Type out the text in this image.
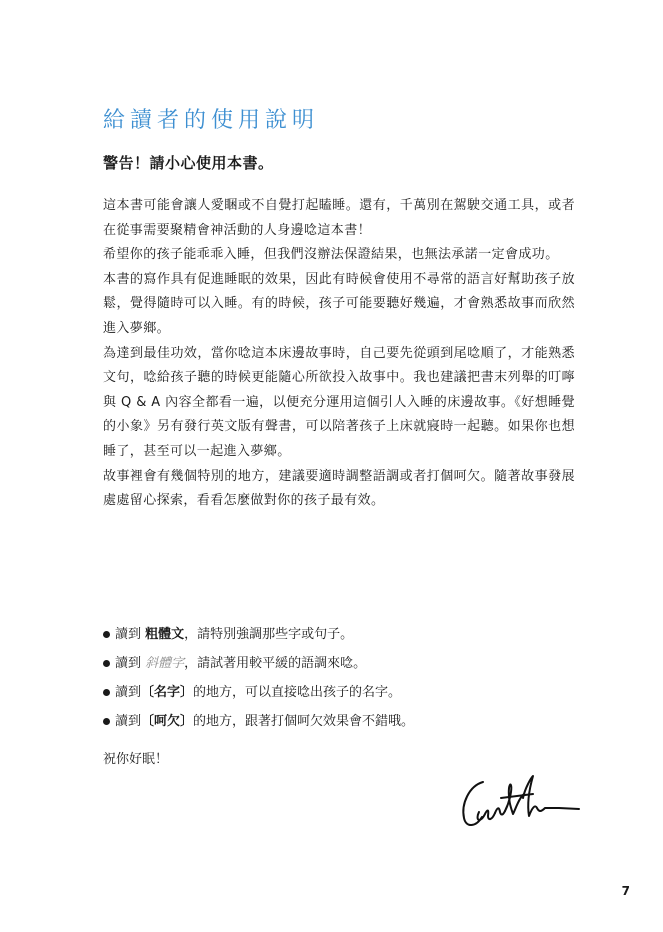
給讀者的使用說明
警告！請小心使用本書。

這本書可能會讓人愛睏或不自覺打起瞌睡。還有，千萬別在駕駛交通工具，或者在從事需要聚精會神活動的人身邊唸這本書！

希望你的孩子能乖乖入睡，但我們沒辦法保證結果，也無法承諾一定會成功。

本書的寫作具有促進睡眠的效果，因此有時候會使用不尋常的語言好幫助孩子放鬆，覺得隨時可以入睡。有的時候，孩子可能要聽好幾遍，才會熟悉故事而欣然進入夢鄉。

為達到最佳功效，當你唸這本床邊故事時，自己要先從頭到尾唸順了，才能熟悉文句，唸給孩子聽的時候更能隨心所欲投入故事中。我也建議把書末列舉的叮嚀與 Q & A 內容全都看一遍，以便充分運用這個引人入睡的床邊故事。《好想睡覺的小象》另有發行英文版有聲書，可以陪著孩子上床就寢時一起聽。如果你也想睡了，甚至可以一起進入夢鄉。

故事裡會有幾個特別的地方，建議要適時調整語調或者打個呵欠。隨著故事發展處處留心探索，看看怎麼做對你的孩子最有效。

讀到 粗體文，請特別強調那些字或句子。
讀到 斜體字，請試著用較平緩的語調來唸。
讀到〔名字〕的地方，可以直接唸出孩子的名字。
讀到〔呵欠〕的地方，跟著打個呵欠效果會不錯哦。
祝你好眠！
7
